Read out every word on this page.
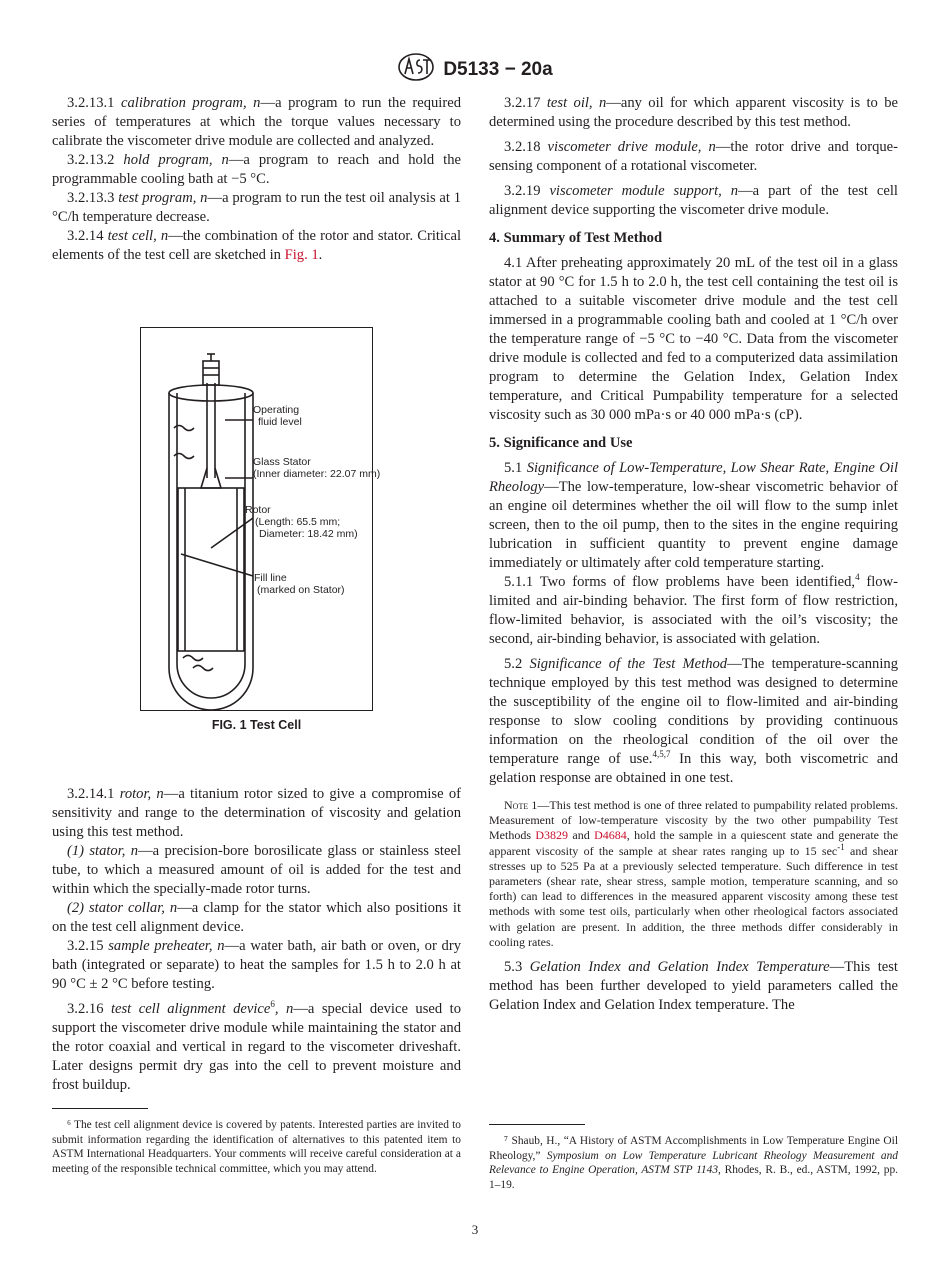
D5133 − 20a

3.2.13.1 calibration program, n—a program to run the required series of temperatures at which the torque values necessary to calibrate the viscometer drive module are collected and analyzed.

3.2.13.2 hold program, n—a program to reach and hold the programmable cooling bath at −5 °C.

3.2.13.3 test program, n—a program to run the test oil analysis at 1 °C/h temperature decrease.

3.2.14 test cell, n—the combination of the rotor and stator. Critical elements of the test cell are sketched in Fig. 1.

3.2.14.1 rotor, n—a titanium rotor sized to give a compromise of sensitivity and range to the determination of viscosity and gelation using this test method.

(1) stator, n—a precision-bore borosilicate glass or stainless steel tube, to which a measured amount of oil is added for the test and within which the specially-made rotor turns.

(2) stator collar, n—a clamp for the stator which also positions it on the test cell alignment device.

3.2.15 sample preheater, n—a water bath, air bath or oven, or dry bath (integrated or separate) to heat the samples for 1.5 h to 2.0 h at 90 °C ± 2 °C before testing.

3.2.16 test cell alignment device$^6$, n—a special device used to support the viscometer drive module while maintaining the stator and the rotor coaxial and vertical in regard to the viscometer driveshaft. Later designs permit dry gas into the cell to prevent moisture and frost buildup.

Operating
fluid level
Glass Stator
(Inner diameter: 22.07 mm)
Rotor
(Length: 65.5 mm;
Diameter: 18.42 mm)
Fill line
(marked on Stator)
FIG. 1 Test Cell
⁶ The test cell alignment device is covered by patents. Interested parties are invited to submit information regarding the identification of alternatives to this patented item to ASTM International Headquarters. Your comments will receive careful consideration at a meeting of the responsible technical committee, which you may attend.

3.2.17 test oil, n—any oil for which apparent viscosity is to be determined using the procedure described by this test method.

3.2.18 viscometer drive module, n—the rotor drive and torque-sensing component of a rotational viscometer.

3.2.19 viscometer module support, n—a part of the test cell alignment device supporting the viscometer drive module.

4. Summary of Test Method

4.1 After preheating approximately 20 mL of the test oil in a glass stator at 90 °C for 1.5 h to 2.0 h, the test cell containing the test oil is attached to a suitable viscometer drive module and the test cell immersed in a programmable cooling bath and cooled at 1 °C/h over the temperature range of −5 °C to −40 °C. Data from the viscometer drive module is collected and fed to a computerized data assimilation program to determine the Gelation Index, Gelation Index temperature, and Critical Pumpability temperature for a selected viscosity such as 30 000 mPa·s or 40 000 mPa·s (cP).

5. Significance and Use

5.1 Significance of Low-Temperature, Low Shear Rate, Engine Oil Rheology—The low-temperature, low-shear viscometric behavior of an engine oil determines whether the oil will flow to the sump inlet screen, then to the oil pump, then to the sites in the engine requiring lubrication in sufficient quantity to prevent engine damage immediately or ultimately after cold temperature starting.

5.1.1 Two forms of flow problems have been identified,$^4$ flow-limited and air-binding behavior. The first form of flow restriction, flow-limited behavior, is associated with the oil’s viscosity; the second, air-binding behavior, is associated with gelation.

5.2 Significance of the Test Method—The temperature-scanning technique employed by this test method was designed to determine the susceptibility of the engine oil to flow-limited and air-binding response to slow cooling conditions by providing continuous information on the rheological condition of the oil over the temperature range of use.$^{4,5,7}$ In this way, both viscometric and gelation response are obtained in one test.

Note 1—This test method is one of three related to pumpability related problems. Measurement of low-temperature viscosity by the two other pumpability Test Methods D3829 and D4684, hold the sample in a quiescent state and generate the apparent viscosity of the sample at shear rates ranging up to 15 $\sec^{-1}$ and shear stresses up to 525 Pa at a previously selected temperature. Such difference in test parameters (shear rate, shear stress, sample motion, temperature scanning, and so forth) can lead to differences in the measured apparent viscosity among these test methods with some test oils, particularly when other rheological factors associated with gelation are present. In addition, the three methods differ considerably in cooling rates.

5.3 Gelation Index and Gelation Index Temperature—This test method has been further developed to yield parameters called the Gelation Index and Gelation Index temperature. The

⁷ Shaub, H., “A History of ASTM Accomplishments in Low Temperature Engine Oil Rheology,” Symposium on Low Temperature Lubricant Rheology Measurement and Relevance to Engine Operation, ASTM STP 1143, Rhodes, R. B., ed., ASTM, 1992, pp. 1–19.
3
